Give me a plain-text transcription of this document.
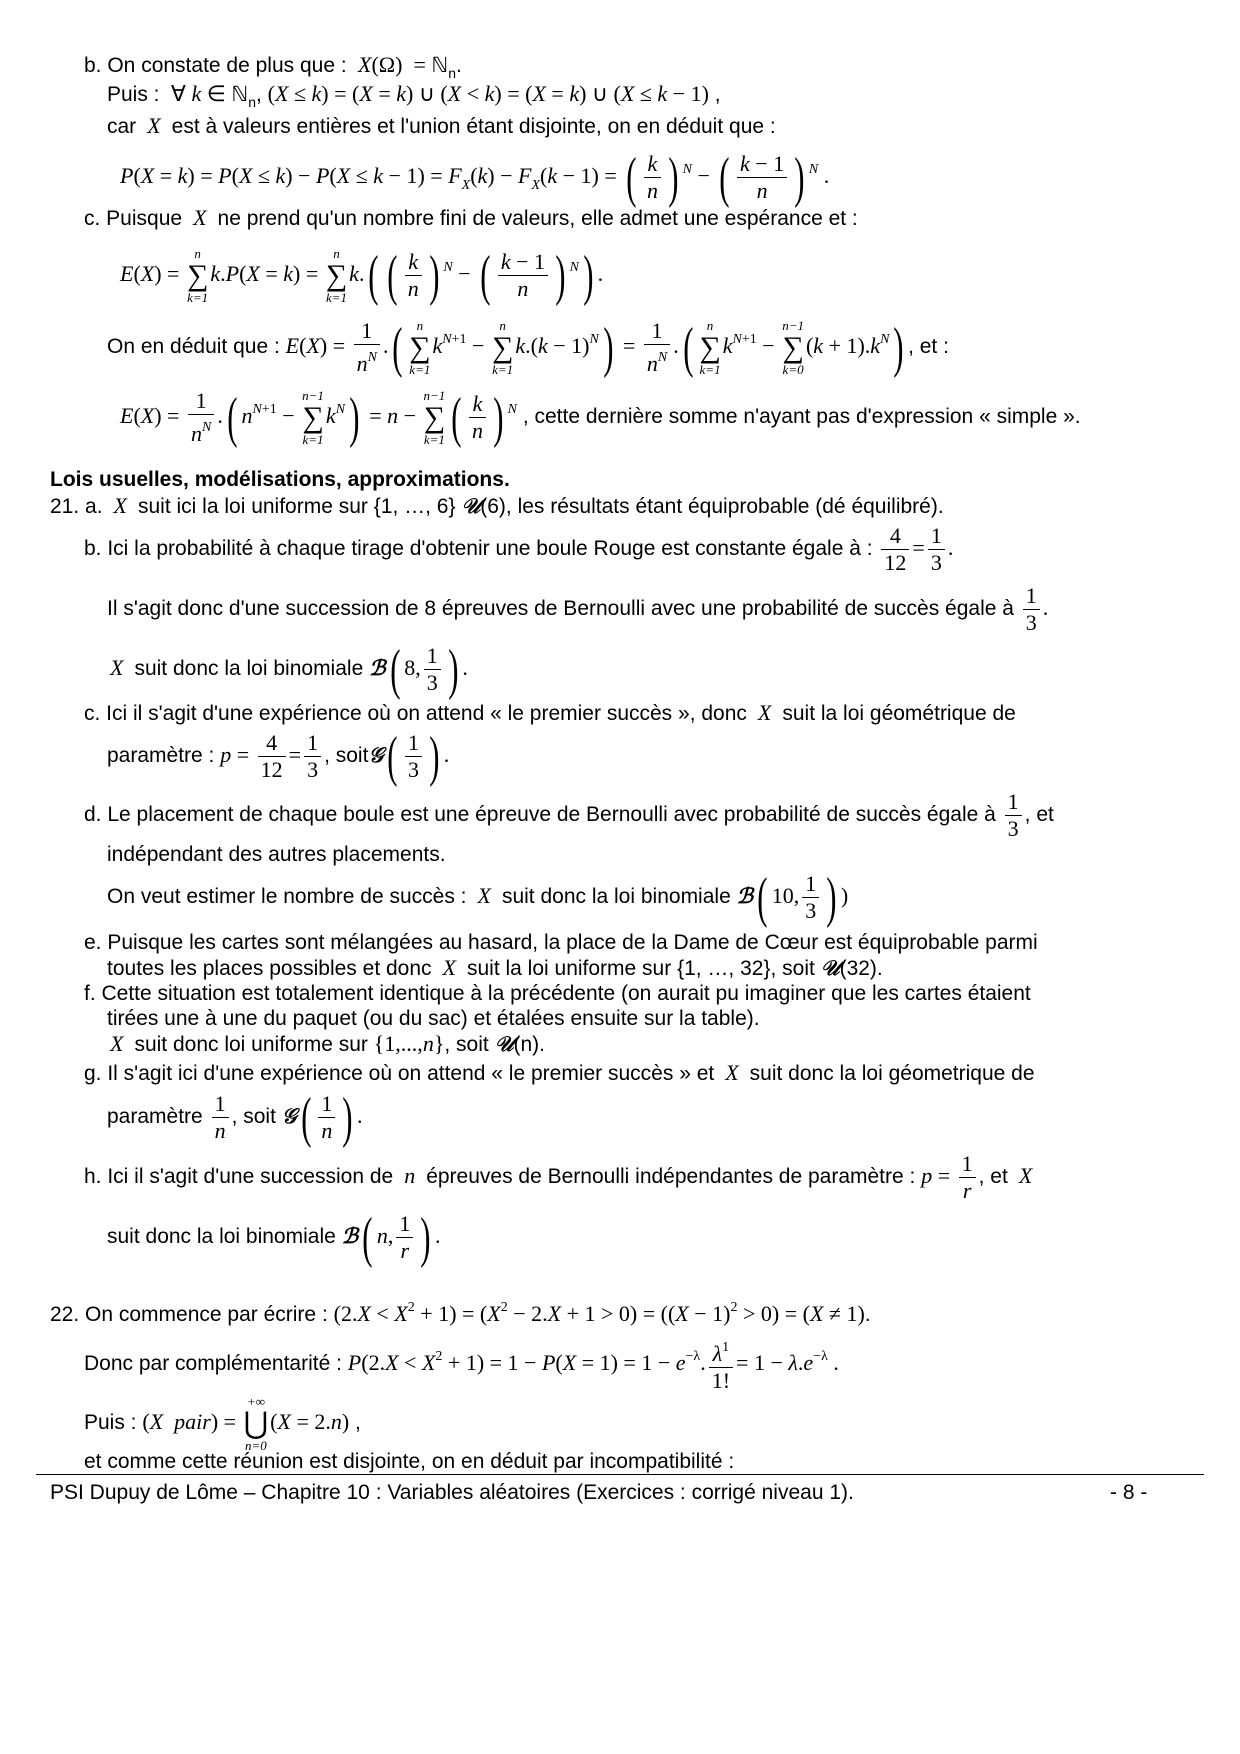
b. On constate de plus que :  X(Ω)  = ℕ$_n$.
Puis :  ∀ k ∈ ℕ$_n$, (X ≤ k) = (X = k) ∪ (X < k) = (X = k) ∪ (X ≤ k − 1) ,
car  X  est à valeurs entières et l'union étant disjointe, on en déduit que :
$P(X = k) = P(X \le k) - P(X \le k - 1) = F_X(k) - F_X(k - 1)$ = ( $\frac{k}{n}$ ) $^N$ − ( $\frac{k - 1}{n}$ ) $^N$ .
c. Puisque  X  ne prend qu'un nombre fini de valeurs, elle admet une espérance et :
E(X) =
n
∑
k=1
k.P(X = k) =
n
∑
k=1
k.( ( $\frac{k}{n}$ ) $^N$ − ( $\frac{k - 1}{n}$ ) $^N$) .
On en déduit que : $E(X) = \frac{1}{n^N}$ .(	n
∑
k=1
$k^{N+1}$ −
n
∑
k=1
$k.(k - 1)^N) = \frac{1}{n^N}$ .(	n
∑
k=1
$k^{N+1}$ −
n−1
∑
k=0
$(k + 1).k^N$) , et :
$E(X) = \frac{1}{n^N}$ .( $n^{N+1}$ −
n−1
∑
k=1
$k^N) = n$ −
n−1
∑
k=1 ( $\frac{k}{n}$ ) $^N$ , cette dernière somme n'ayant pas d'expression « simple ».
Lois usuelles, modélisations, approximations.
21. a.  X  suit ici la loi uniforme sur {1, …, 6} 𝒰(6), les résultats étant équiprobable (dé équilibré).
b. Ici la probabilité à chaque tirage d'obtenir une boule Rouge est constante égale à : $\frac{4}{12} = \frac{1}{3}$ .
Il s'agit donc d'une succession de 8 épreuves de Bernoulli avec une probabilité de succès égale à $\frac{1}{3}$ .
X  suit donc la loi binomiale ℬ( 8, $\frac{1}{3}$ ) .
c. Ici il s'agit d'une expérience où on attend « le premier succès », donc  X  suit la loi géométrique de
paramètre : $p = \frac{4}{12} = \frac{1}{3}$ , soit𝒢( $\frac{1}{3}$ ) .
d. Le placement de chaque boule est une épreuve de Bernoulli avec probabilité de succès égale à $\frac{1}{3}$ , et
indépendant des autres placements.
On veut estimer le nombre de succès :  X  suit donc la loi binomiale ℬ( 10, $\frac{1}{3}$ ) )
e. Puisque les cartes sont mélangées au hasard, la place de la Dame de Cœur est équiprobable parmi
toutes les places possibles et donc  X  suit la loi uniforme sur {1, …, 32}, soit 𝒰(32).
f. Cette situation est totalement identique à la précédente (on aurait pu imaginer que les cartes étaient
tirées une à une du paquet (ou du sac) et étalées ensuite sur la table).
X  suit donc loi uniforme sur {1,...,n}, soit 𝒰(n).
g. Il s'agit ici d'une expérience où on attend « le premier succès » et  X  suit donc la loi géometrique de
paramètre $\frac{1}{n}$ , soit 𝒢( $\frac{1}{n}$ ) .
h. Ici il s'agit d'une succession de  n  épreuves de Bernoulli indépendantes de paramètre : $p = \frac{1}{r}$ , et  X
suit donc la loi binomiale ℬ( n, $\frac{1}{r}$ ) .
22. On commence par écrire : $(2.X < X^2 + 1) = (X^2 - 2.X + 1 > 0) = ((X - 1)^2 > 0) = (X \ne 1)$.
Donc par complémentarité : $P(2.X < X^2 + 1) = 1 - P(X = 1) = 1 - e^{-\lambda}$. $\frac{\lambda^1}{1!} = 1 - \lambda.e^{-\lambda}$ .
Puis : (X  pair) =
+∞
⋃
n=0
(X = 2.n) ,
et comme cette réunion est disjointe, on en déduit par incompatibilité :
PSI Dupuy de Lôme – Chapitre 10 : Variables aléatoires (Exercices : corrigé niveau 1).	- 8 -
